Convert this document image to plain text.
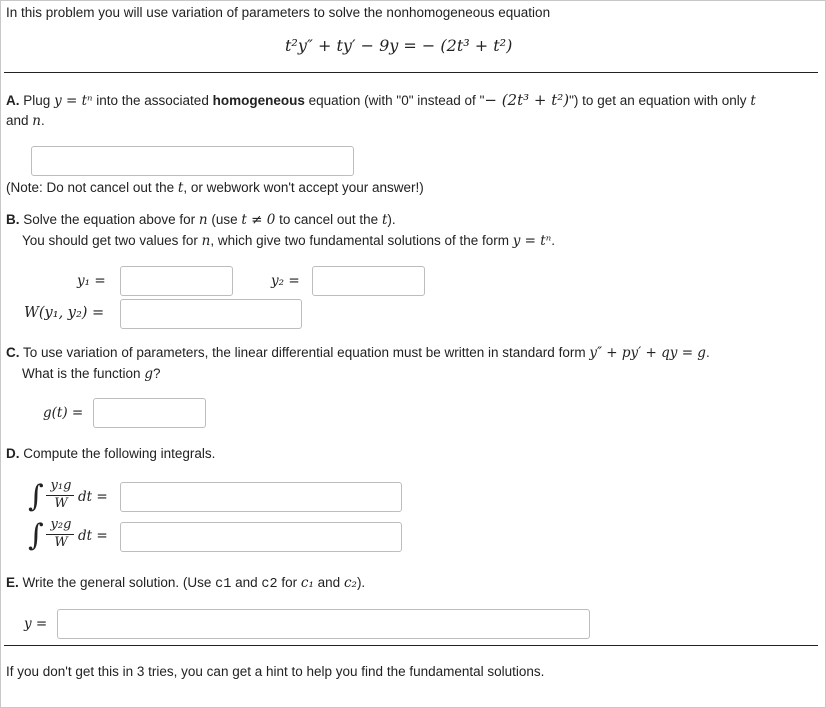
In this problem you will use variation of parameters to solve the nonhomogeneous equation
t²y″ + ty′ − 9y = − (2t³ + t²)
A. Plug y = tⁿ into the associated homogeneous equation (with "0" instead of "− (2t³ + t²)") to get an equation with only t
and n.
(Note: Do not cancel out the t, or webwork won't accept your answer!)
B. Solve the equation above for n (use t ≠ 0 to cancel out the t).
You should get two values for n, which give two fundamental solutions of the form y = tⁿ.
y₁ =	y₂ =
W(y₁, y₂) =
C. To use variation of parameters, the linear differential equation must be written in standard form y″ + py′ + qy = g.
What is the function g?
g(t) =
D. Compute the following integrals.
∫ y₁g
W dt =
∫ y₂g
W dt =
E. Write the general solution. (Use c1 and c2 for c₁ and c₂).
y =
If you don't get this in 3 tries, you can get a hint to help you find the fundamental solutions.
